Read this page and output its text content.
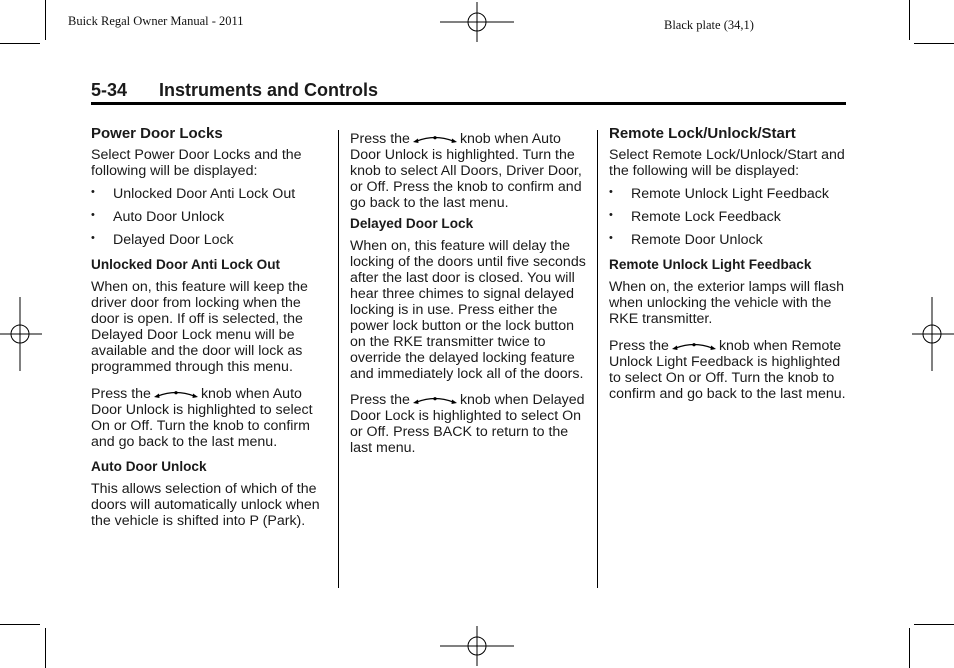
Buick Regal Owner Manual - 2011	Black plate (34,1)
5-34 Instruments and Controls
Power Door Locks

Select Power Door Locks and the following will be displayed:

• Unlocked Door Anti Lock Out
• Auto Door Unlock
• Delayed Door Lock
Unlocked Door Anti Lock Out

When on, this feature will keep the driver door from locking when the door is open. If off is selected, the Delayed Door Lock menu will be available and the door will lock as programmed through this menu.

Press the	knob when Auto Door Unlock is highlighted to select On or Off. Turn the knob to confirm and go back to the last menu.

Auto Door Unlock

This allows selection of which of the doors will automatically unlock when the vehicle is shifted into P (Park).

Press the	knob when Auto Door Unlock is highlighted. Turn the knob to select All Doors, Driver Door, or Off. Press the knob to confirm and go back to the last menu.

Delayed Door Lock

When on, this feature will delay the locking of the doors until five seconds after the last door is closed. You will hear three chimes to signal delayed locking is in use. Press either the power lock button or the lock button on the RKE transmitter twice to override the delayed locking feature and immediately lock all of the doors.

Press the	knob when Delayed Door Lock is highlighted to select On or Off. Press BACK to return to the last menu.

Remote Lock/Unlock/Start

Select Remote Lock/Unlock/Start and the following will be displayed:

• Remote Unlock Light Feedback
• Remote Lock Feedback
• Remote Door Unlock
Remote Unlock Light Feedback

When on, the exterior lamps will flash when unlocking the vehicle with the RKE transmitter.

Press the	knob when Remote Unlock Light Feedback is highlighted to select On or Off. Turn the knob to confirm and go back to the last menu.
